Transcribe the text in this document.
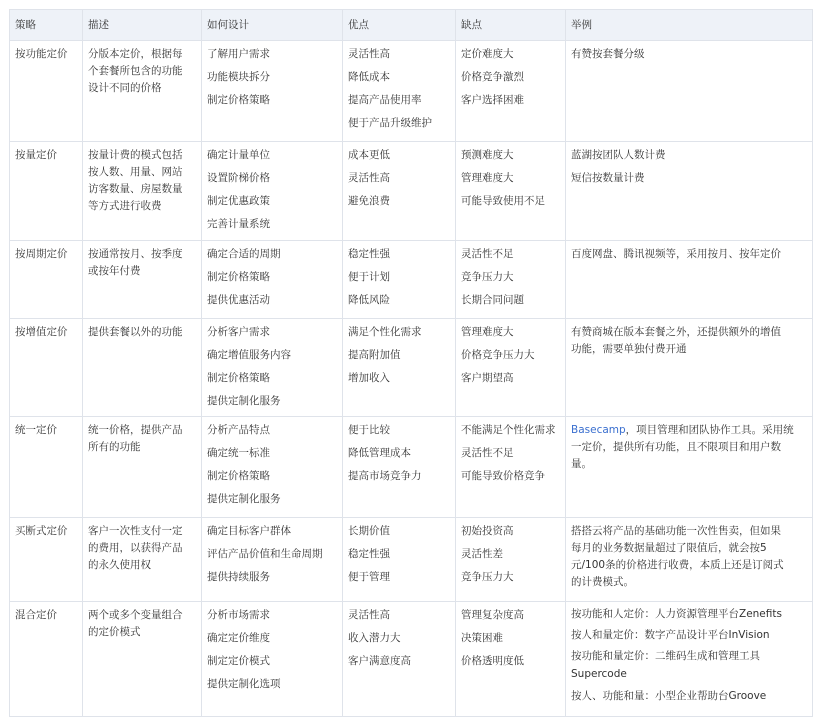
策略	描述	如何设计	优点	缺点	举例

按功能定价	分版本定价，根据每
个套餐所包含的功能
设计不同的价格	了解用户需求
功能模块拆分
制定价格策略	灵活性高
降低成本
提高产品使用率
便于产品升级维护	定价难度大
价格竞争激烈
客户选择困难	有赞按套餐分级

按量定价	按量计费的模式包括
按人数、用量、网站
访客数量、房屋数量
等方式进行收费	确定计量单位
设置阶梯价格
制定优惠政策
完善计量系统	成本更低
灵活性高
避免浪费	预测难度大
管理难度大
可能导致使用不足	蓝湖按团队人数计费
短信按数量计费

按周期定价	按通常按月、按季度
或按年付费	确定合适的周期
制定价格策略
提供优惠活动	稳定性强
便于计划
降低风险	灵活性不足
竞争压力大
长期合同问题	百度网盘、腾讯视频等，采用按月、按年定价

按增值定价	提供套餐以外的功能	分析客户需求
确定增值服务内容
制定价格策略
提供定制化服务	满足个性化需求
提高附加值
增加收入	管理难度大
价格竞争压力大
客户期望高	有赞商城在版本套餐之外，还提供额外的增值
功能，需要单独付费开通

统一定价	统一价格，提供产品
所有的功能	分析产品特点
确定统一标准
制定价格策略
提供定制化服务	便于比较
降低管理成本
提高市场竞争力	不能满足个性化需求
灵活性不足
可能导致价格竞争	Basecamp，项目管理和团队协作工具。采用统
一定价，提供所有功能，且不限项目和用户数
量。

买断式定价	客户一次性支付一定
的费用，以获得产品
的永久使用权	确定目标客户群体
评估产品价值和生命周期
提供持续服务	长期价值
稳定性强
便于管理	初始投资高
灵活性差
竞争压力大	搭搭云将产品的基础功能一次性售卖，但如果
每月的业务数据量超过了限值后，就会按5
元/100条的价格进行收费，本质上还是订阅式
的计费模式。

混合定价	两个或多个变量组合
的定价模式	分析市场需求
确定定价维度
制定定价模式
提供定制化选项	灵活性高
收入潜力大
客户满意度高	管理复杂度高
决策困难
价格透明度低	按功能和人定价：人力资源管理平台Zenefits
按人和量定价：数字产品设计平台InVision
按功能和量定价：二维码生成和管理工具
Supercode
按人、功能和量：小型企业帮助台Groove
